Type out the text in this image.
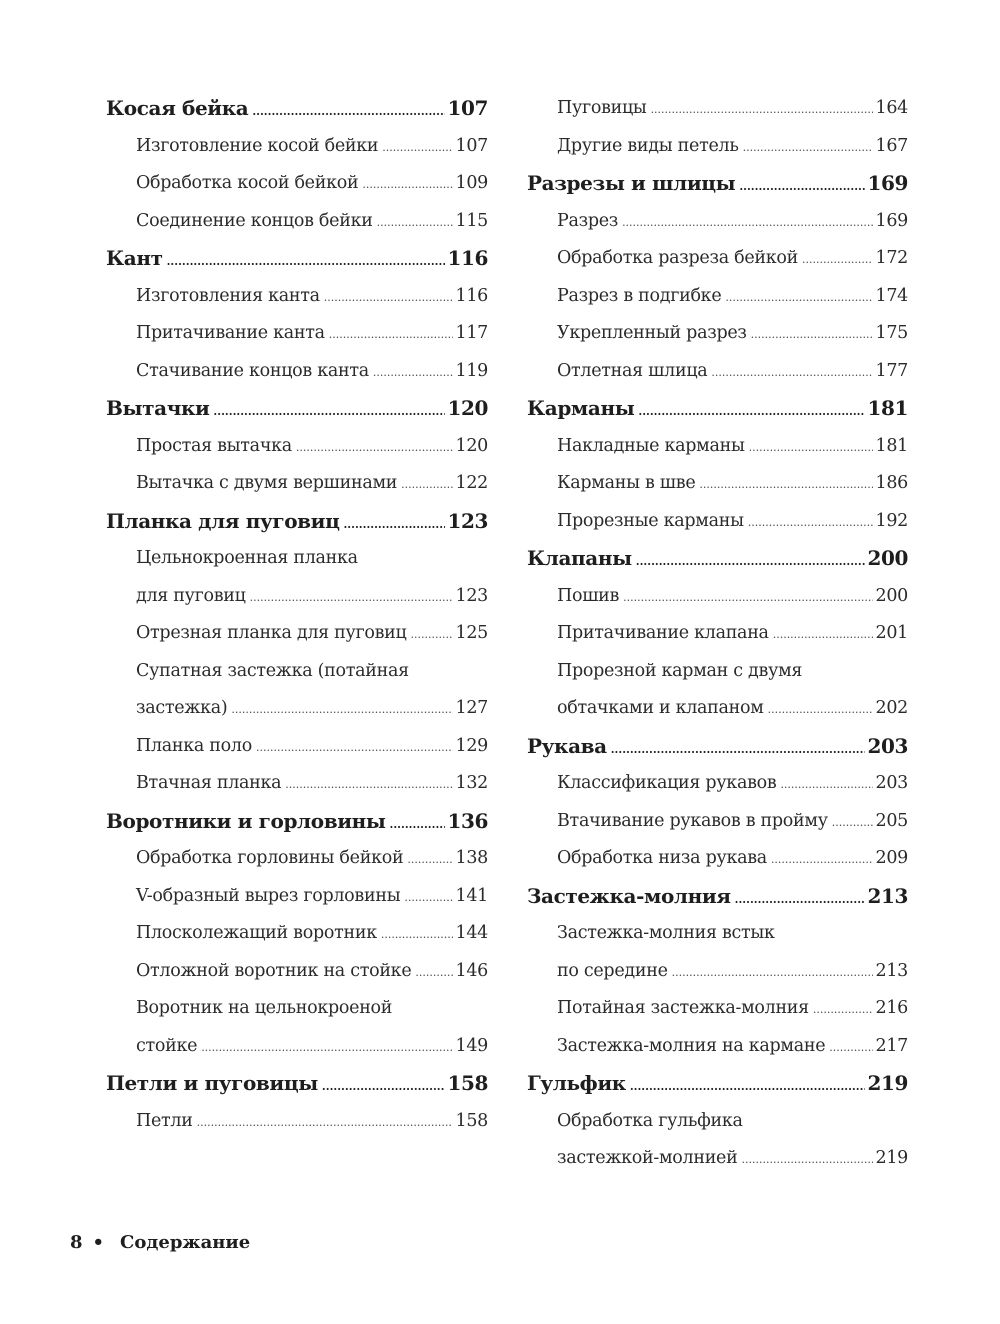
Косая бейка .....	107
Изготовление косой бейки .....	107
Обработка косой бейкой .....	109
Соединение концов бейки .....	115
Кант .....	116
Изготовления канта .....	116
Притачивание канта .....	117
Стачивание концов канта .....	119
Вытачки .....	120
Простая вытачка .....	120
Вытачка с двумя вершинами .....	122
Планка для пуговиц .....	123
Цельнокроенная планка
для пуговиц .....	123
Отрезная планка для пуговиц .....	125
Супатная застежка (потайная
застежка) .....	127
Планка поло .....	129
Втачная планка .....	132
Воротники и горловины .....	136
Обработка горловины бейкой .....	138
V-образный вырез горловины .....	141
Плосколежащий воротник .....	144
Отложной воротник на стойке .....	146
Воротник на цельнокроеной
стойке .....	149
Петли и пуговицы .....	158
Петли .....	158
Пуговицы .....	164
Другие виды петель .....	167
Разрезы и шлицы .....	169
Разрез .....	169
Обработка разреза бейкой .....	172
Разрез в подгибке .....	174
Укрепленный разрез .....	175
Отлетная шлица .....	177
Карманы .....	181
Накладные карманы .....	181
Карманы в шве .....	186
Прорезные карманы .....	192
Клапаны .....	200
Пошив .....	200
Притачивание клапана .....	201
Прорезной карман с двумя
обтачками и клапаном .....	202
Рукава .....	203
Классификация рукавов .....	203
Втачивание рукавов в пройму .....	205
Обработка низа рукава .....	209
Застежка-молния .....	213
Застежка-молния встык
по середине .....	213
Потайная застежка-молния .....	216
Застежка-молния на кармане .....	217
Гульфик .....	219
Обработка гульфика
застежкой-молнией .....	219
8 • Содержание
